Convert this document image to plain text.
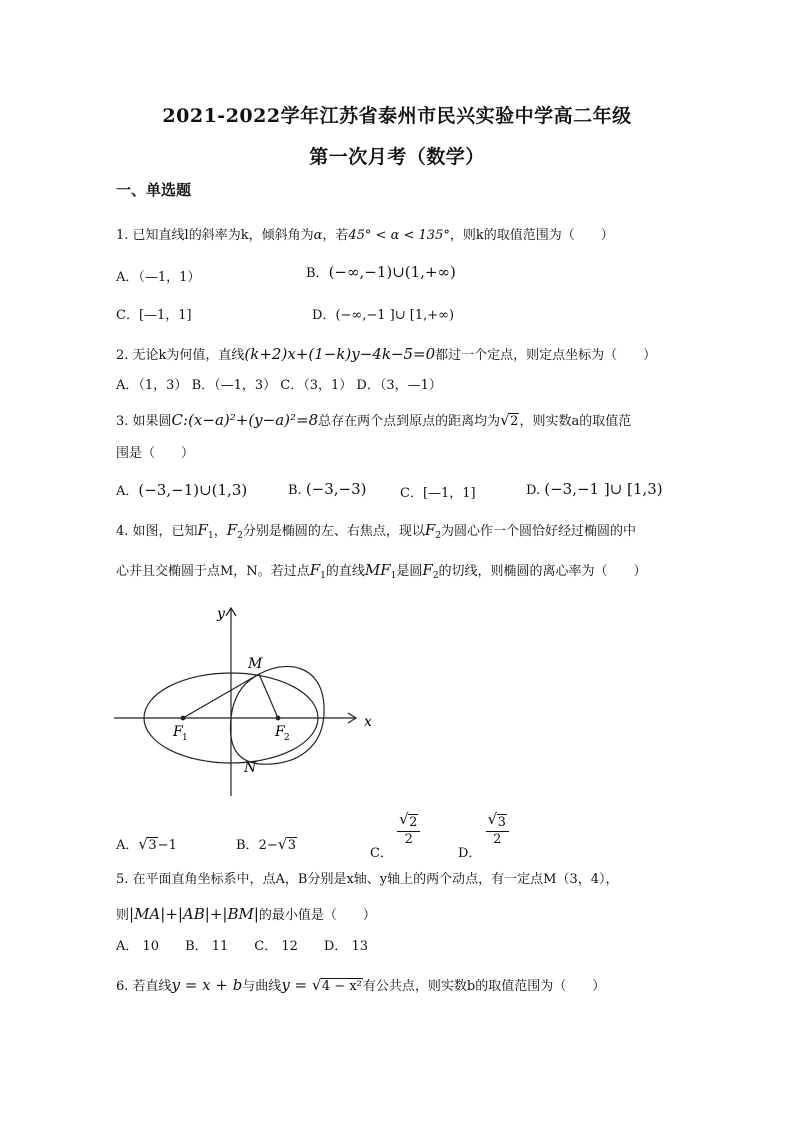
2021-2022学年江苏省泰州市民兴实验中学高二年级
第一次月考（数学）
一、单选题
1. 已知直线l的斜率为k，倾斜角为α，若45° < α < 135°，则k的取值范围为（　　）
A．（—1，1）	B．(−∞,−1)∪(1,+∞)
C．[—1，1]	D．(−∞,−1 ]∪ [1,+∞)
2. 无论k为何值，直线(k+2)x+(1−k)y−4k−5=0都过一个定点，则定点坐标为（　　）
A．（1，3） B．（—1，3） C．（3，1） D．（3，—1）
3. 如果圆C:(x−a)²+(y−a)²=8总存在两个点到原点的距离均为 √ 2，则实数a的取值范
围是（　　）
A．(−3,−1)∪(1,3)	B. (−3,−3)	C．[—1，1]	D. (−3,−1 ]∪ [1,3)
4. 如图，已知$F_1$，$F_2$分别是椭圆的左、右焦点，现以$F_2$为圆心作一个圆恰好经过椭圆的中
心并且交椭圆于点M，N。若过点$F_1$的直线$MF_1$是圆$F_2$的切线，则椭圆的离心率为（　　）
y
x
M
N
F 1	F 2
A． √ 3−1	B．2− √ 3	C．
$\frac{√ 2}{2}$
D．
$\frac{√ 3}{2}$
5. 在平面直角坐标系中，点A，B分别是x轴、y轴上的两个动点，有一定点M（3，4），
则|MA|+|AB|+|BM|的最小值是（　　）
A． 10　　B． 11　　C． 12　　D． 13
6. 若直线y = x + b与曲线y = √ 4 − x²有公共点，则实数b的取值范围为（　　）
